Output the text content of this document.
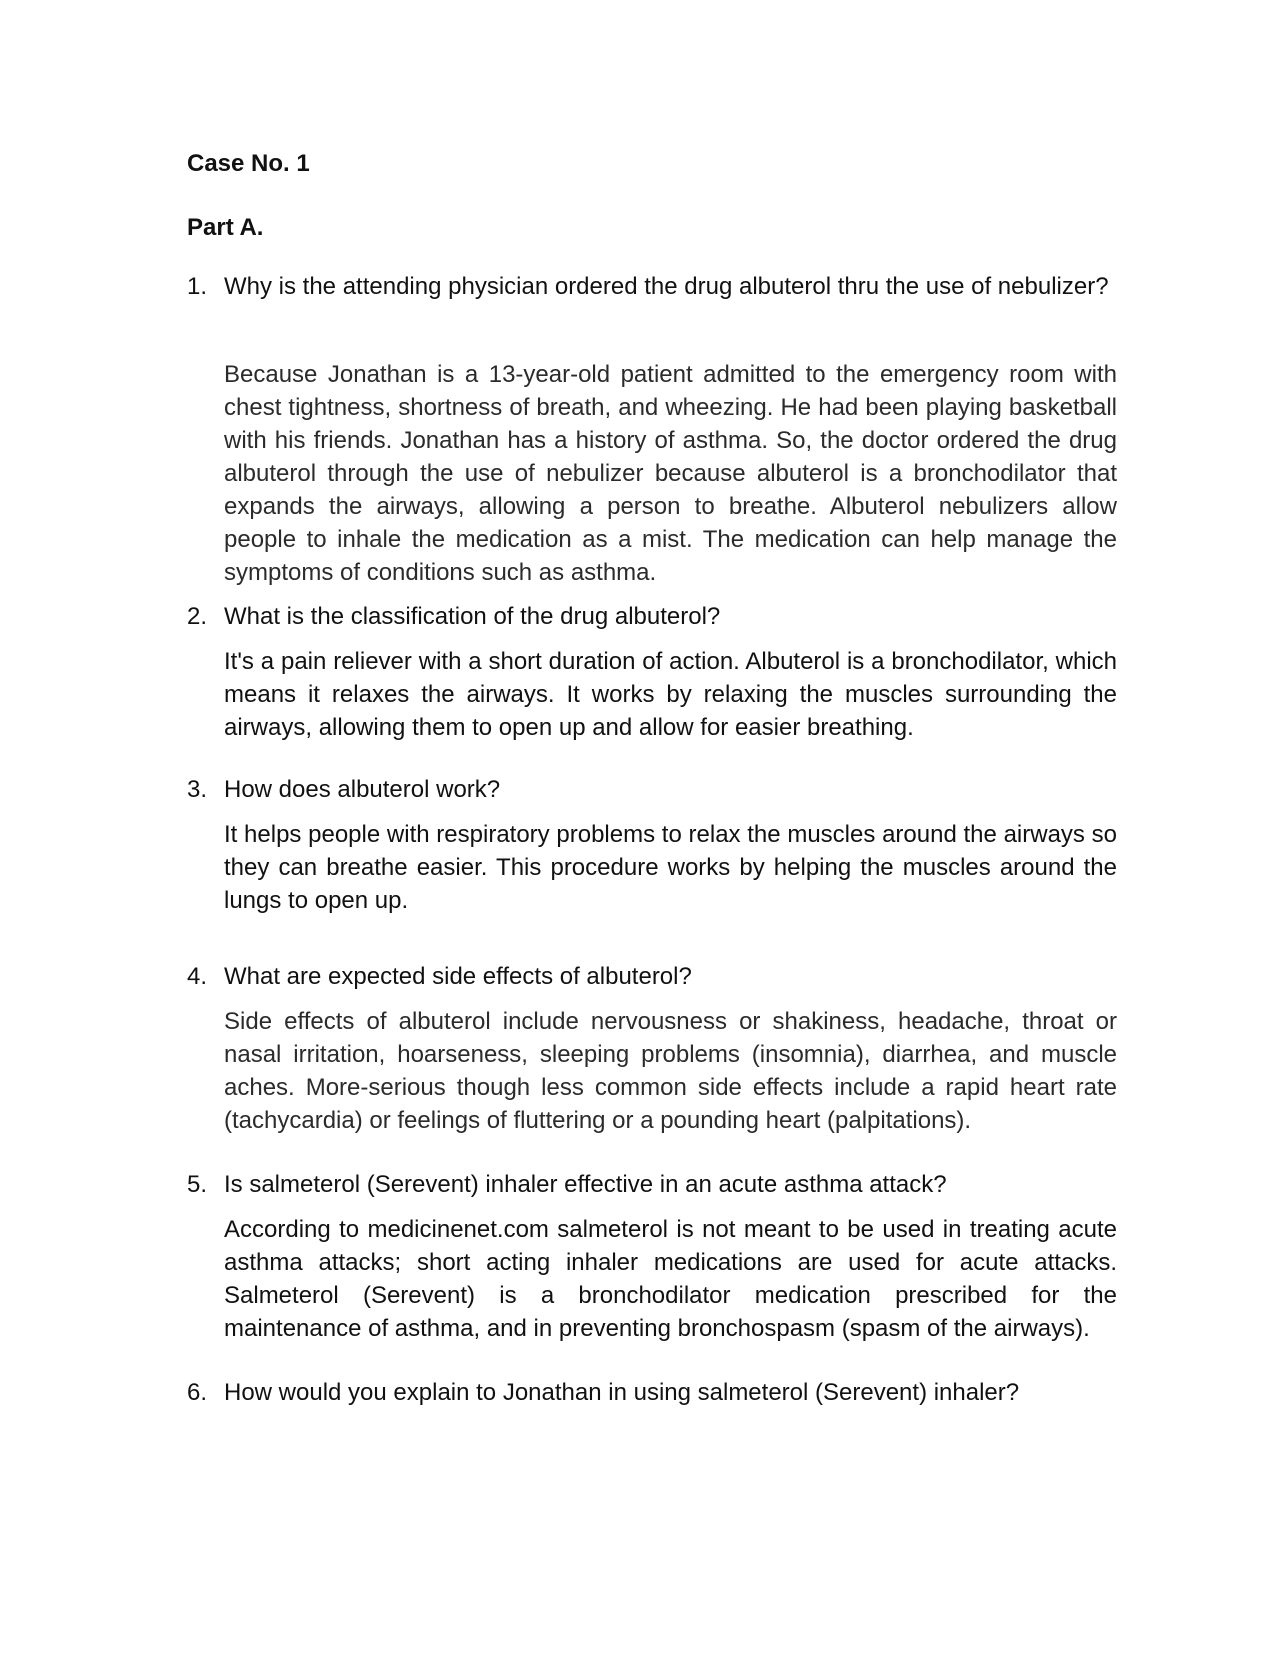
Case No. 1
Part A.
1. Why is the attending physician ordered the drug albuterol thru the use of nebulizer?
Because Jonathan is a 13-year-old patient admitted to the emergency room with chest tightness, shortness of breath, and wheezing. He had been playing basketball with his friends. Jonathan has a history of asthma. So, the doctor ordered the drug albuterol through the use of nebulizer because albuterol is a bronchodilator that expands the airways, allowing a person to breathe. Albuterol nebulizers allow people to inhale the medication as a mist. The medication can help manage the symptoms of conditions such as asthma.
2. What is the classification of the drug albuterol?
It's a pain reliever with a short duration of action. Albuterol is a bronchodilator, which means it relaxes the airways. It works by relaxing the muscles surrounding the airways, allowing them to open up and allow for easier breathing.
3. How does albuterol work?
It helps people with respiratory problems to relax the muscles around the airways so they can breathe easier. This procedure works by helping the muscles around the lungs to open up.
4. What are expected side effects of albuterol?
Side effects of albuterol include nervousness or shakiness, headache, throat or nasal irritation, hoarseness, sleeping problems (insomnia), diarrhea, and muscle aches. More-serious though less common side effects include a rapid heart rate (tachycardia) or feelings of fluttering or a pounding heart (palpitations).
5. Is salmeterol (Serevent) inhaler effective in an acute asthma attack?
According to medicinenet.com salmeterol is not meant to be used in treating acute asthma attacks; short acting inhaler medications are used for acute attacks. Salmeterol (Serevent) is a bronchodilator medication prescribed for the maintenance of asthma, and in preventing bronchospasm (spasm of the airways).
6. How would you explain to Jonathan in using salmeterol (Serevent) inhaler?
